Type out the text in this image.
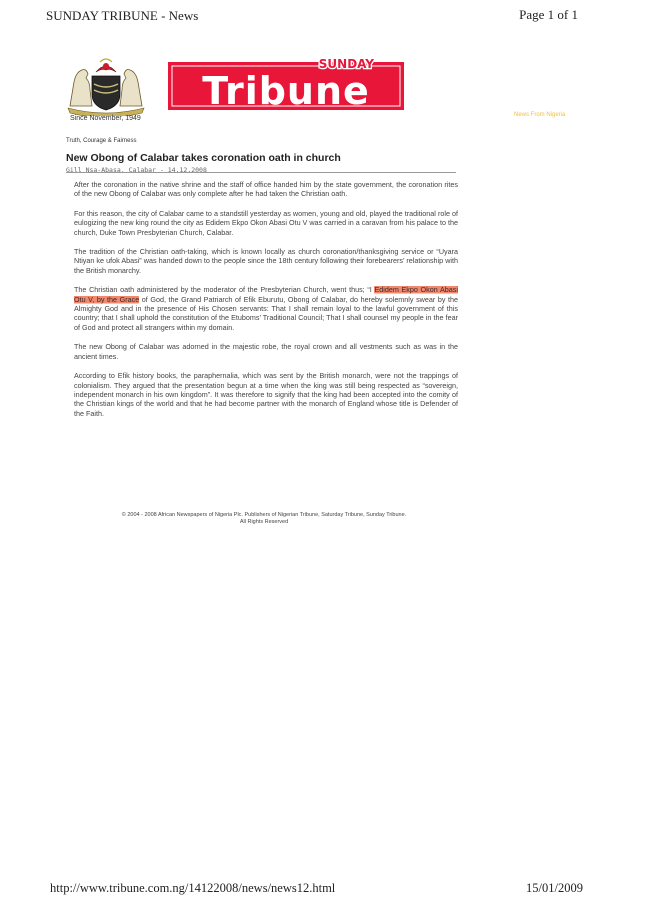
SUNDAY TRIBUNE - News	Page 1 of 1
Since November, 1949
SUNDAY
Tribune
News From Nigeria
Truth, Courage & Fairness
New Obong of Calabar takes coronation oath in church
Gill Nsa-Abasa, Calabar - 14.12.2008

After the coronation in the native shrine and the staff of office handed him by the state government, the coronation rites of the new Obong of Calabar was only complete after he had taken the Christian oath.

For this reason, the city of Calabar came to a standstill yesterday as women, young and old, played the traditional role of eulogizing the new king round the city as Edidem Ekpo Okon Abasi Otu V was carried in a caravan from his palace to the church, Duke Town Presbyterian Church, Calabar.

The tradition of the Christian oath-taking, which is known locally as church coronation/thanksgiving service or “Uyara Ntiyan ke ufok Abasi” was handed down to the people since the 18th century following their forebearers’ relationship with the British monarchy.

The Christian oath administered by the moderator of the Presbyterian Church, went thus; “I Edidem Ekpo Okon Abasi Otu V, by the Grace of God, the Grand Patriarch of Efik Eburutu, Obong of Calabar, do hereby solemnly swear by the Almighty God and in the presence of His Chosen servants: That I shall remain loyal to the lawful government of this country; that I shall uphold the constitution of the Etuboms’ Traditional Council; That I shall counsel my people in the fear of God and protect all strangers within my domain.

The new Obong of Calabar was adorned in the majestic robe, the royal crown and all vestments such as was in the ancient times.

According to Efik history books, the paraphernalia, which was sent by the British monarch, were not the trappings of colonialism. They argued that the presentation begun at a time when the king was still being respected as “sovereign, independent monarch in his own kingdom”. It was therefore to signify that the king had been accepted into the comity of the Christian kings of the world and that he had become partner with the monarch of England whose title is Defender of the Faith.

© 2004 - 2008 African Newspapers of Nigeria Plc. Publishers of Nigerian Tribune, Saturday Tribune, Sunday Tribune.
All Rights Reserved
http://www.tribune.com.ng/14122008/news/news12.html	15/01/2009
